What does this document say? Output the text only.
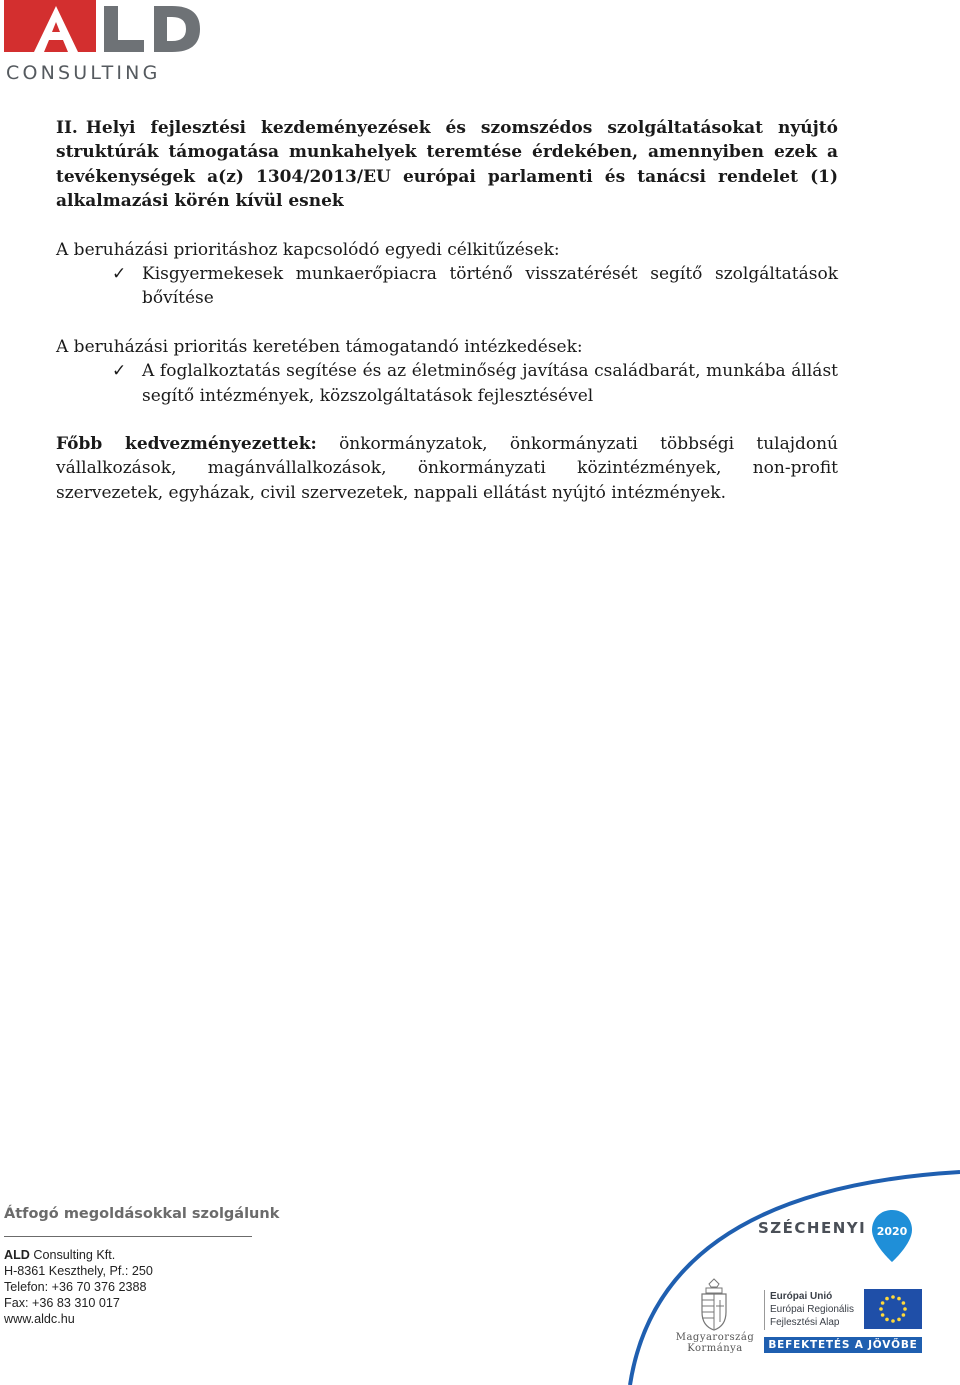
CONSULTING

II. Helyi fejlesztési kezdeményezések és szomszédos szolgáltatásokat nyújtó struktúrák támogatása munkahelyek teremtése érdekében, amennyiben ezek a tevékenységek a(z) 1304/2013/EU európai parlamenti és tanácsi rendelet (1) alkalmazási körén kívül esnek

A beruházási prioritáshoz kapcsolódó egyedi célkitűzések:

✓ Kisgyermekesek munkaerőpiacra történő visszatérését segítő szolgáltatások bővítése

A beruházási prioritás keretében támogatandó intézkedések:

✓ A foglalkoztatás segítése és az életminőség javítása családbarát, munkába állást segítő intézmények, közszolgáltatások fejlesztésével

Főbb kedvezményezettek: önkormányzatok, önkormányzati többségi tulajdonú vállalkozások, magánvállalkozások, önkormányzati közintézmények, non-profit szervezetek, egyházak, civil szervezetek, nappali ellátást nyújtó intézmények.

Átfogó megoldásokkal szolgálunk
ALD Consulting Kft.
H-8361 Keszthely, Pf.: 250
Telefon: +36 70 376 2388
Fax: +36 83 310 017
www.aldc.hu
SZÉCHENYI 2020
Magyarország
Kormánya
Európai Unió
Európai Regionális
Fejlesztési Alap
BEFEKTETÉS A JÖVŐBE
